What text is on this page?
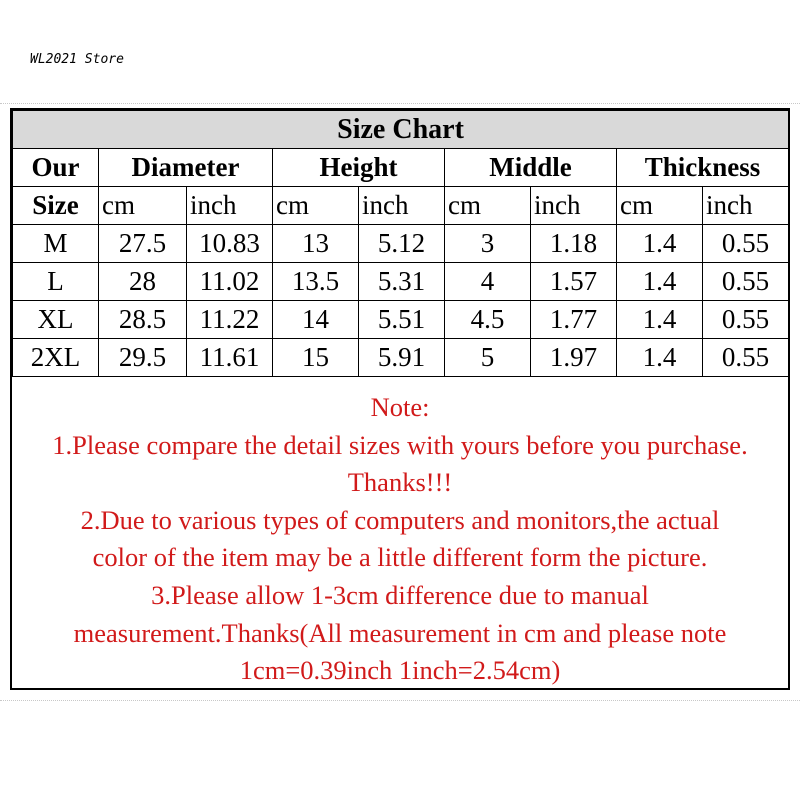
WL2021 Store
Size Chart								
Our	Diameter		Height		Middle		Thickness	
Size	cm	inch	cm	inch	cm	inch	cm	inch
M	27.5	10.83	13	5.12	3	1.18	1.4	0.55
L	28	11.02	13.5	5.31	4	1.57	1.4	0.55
XL	28.5	11.22	14	5.51	4.5	1.77	1.4	0.55
2XL	29.5	11.61	15	5.91	5	1.97	1.4	0.55
Note:
1.Please compare the detail sizes with yours before you purchase.
Thanks!!!
2.Due to various types of computers and monitors,the actual
color of the item may be a little different form the picture.
3.Please allow 1-3cm difference due to manual
measurement.Thanks(All measurement in cm and please note
1cm=0.39inch 1inch=2.54cm)
